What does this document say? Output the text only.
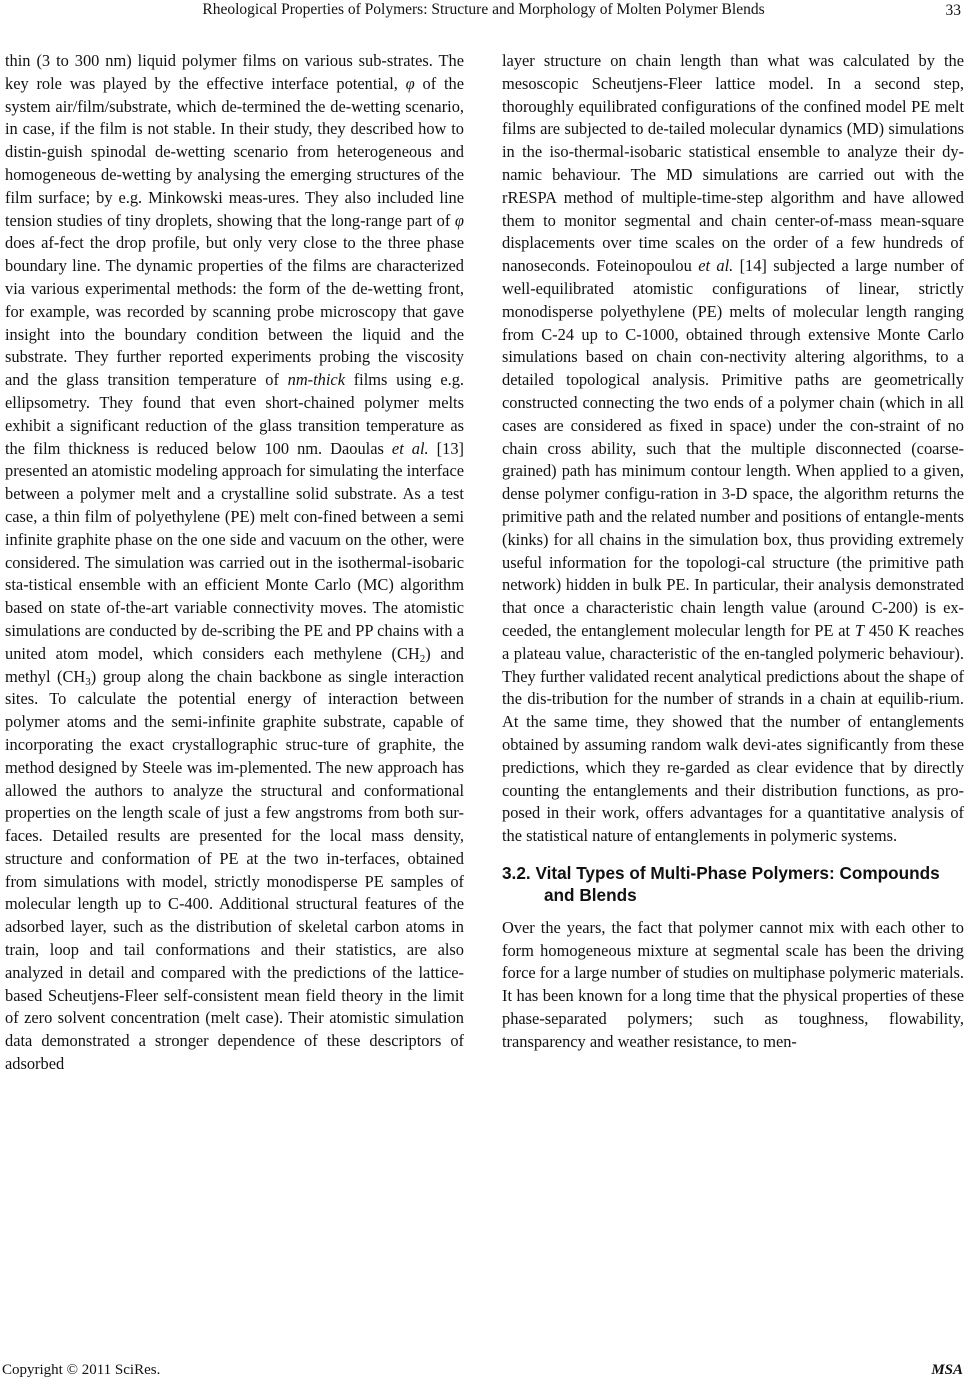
Rheological Properties of Polymers: Structure and Morphology of Molten Polymer Blends	33

thin (3 to 300 nm) liquid polymer films on various sub-strates. The key role was played by the effective interface potential, φ of the system air/film/substrate, which de-termined the de-wetting scenario, in case, if the film is not stable. In their study, they described how to distin-guish spinodal de-wetting scenario from heterogeneous and homogeneous de-wetting by analysing the emerging structures of the film surface; by e.g. Minkowski meas-ures. They also included line tension studies of tiny droplets, showing that the long-range part of φ does af-fect the drop profile, but only very close to the three phase boundary line. The dynamic properties of the films are characterized via various experimental methods: the form of the de-wetting front, for example, was recorded by scanning probe microscopy that gave insight into the boundary condition between the liquid and the substrate. They further reported experiments probing the viscosity and the glass transition temperature of nm-thick films using e.g. ellipsometry. They found that even short-chained polymer melts exhibit a significant reduction of the glass transition temperature as the film thickness is reduced below 100 nm. Daoulas et al. [13] presented an atomistic modeling approach for simulating the interface between a polymer melt and a crystalline solid substrate. As a test case, a thin film of polyethylene (PE) melt con-fined between a semi infinite graphite phase on the one side and vacuum on the other, were considered. The simulation was carried out in the isothermal-isobaric sta-tistical ensemble with an efficient Monte Carlo (MC) algorithm based on state of-the-art variable connectivity moves. The atomistic simulations are conducted by de-scribing the PE and PP chains with a united atom model, which considers each methylene $(CH_2)$ and methyl $(CH_3)$ group along the chain backbone as single interaction sites. To calculate the potential energy of interaction between polymer atoms and the semi-infinite graphite substrate, capable of incorporating the exact crystallographic struc-ture of graphite, the method designed by Steele was im-plemented. The new approach has allowed the authors to analyze the structural and conformational properties on the length scale of just a few angstroms from both sur-faces. Detailed results are presented for the local mass density, structure and conformation of PE at the two in-terfaces, obtained from simulations with model, strictly monodisperse PE samples of molecular length up to C-400. Additional structural features of the adsorbed layer, such as the distribution of skeletal carbon atoms in train, loop and tail conformations and their statistics, are also analyzed in detail and compared with the predictions of the lattice-based Scheutjens-Fleer self-consistent mean field theory in the limit of zero solvent concentration (melt case). Their atomistic simulation data demonstrated a stronger dependence of these descriptors of adsorbed

layer structure on chain length than what was calculated by the mesoscopic Scheutjens-Fleer lattice model. In a second step, thoroughly equilibrated configurations of the confined model PE melt films are subjected to de-tailed molecular dynamics (MD) simulations in the iso-thermal-isobaric statistical ensemble to analyze their dy-namic behaviour. The MD simulations are carried out with the rRESPA method of multiple-time-step algorithm and have allowed them to monitor segmental and chain center-of-mass mean-square displacements over time scales on the order of a few hundreds of nanoseconds. Foteinopoulou et al. [14] subjected a large number of well-equilibrated atomistic configurations of linear, strictly monodisperse polyethylene (PE) melts of molecular length ranging from C-24 up to C-1000, obtained through extensive Monte Carlo simulations based on chain con-nectivity altering algorithms, to a detailed topological analysis. Primitive paths are geometrically constructed connecting the two ends of a polymer chain (which in all cases are considered as fixed in space) under the con-straint of no chain cross ability, such that the multiple disconnected (coarse-grained) path has minimum contour length. When applied to a given, dense polymer configu-ration in 3-D space, the algorithm returns the primitive path and the related number and positions of entangle-ments (kinks) for all chains in the simulation box, thus providing extremely useful information for the topologi-cal structure (the primitive path network) hidden in bulk PE. In particular, their analysis demonstrated that once a characteristic chain length value (around C-200) is ex-ceeded, the entanglement molecular length for PE at T 450 K reaches a plateau value, characteristic of the en-tangled polymeric behaviour). They further validated recent analytical predictions about the shape of the dis-tribution for the number of strands in a chain at equilib-rium. At the same time, they showed that the number of entanglements obtained by assuming random walk devi-ates significantly from these predictions, which they re-garded as clear evidence that by directly counting the entanglements and their distribution functions, as pro-posed in their work, offers advantages for a quantitative analysis of the statistical nature of entanglements in polymeric systems.

3.2. Vital Types of Multi-Phase Polymers: Compounds and Blends

Over the years, the fact that polymer cannot mix with each other to form homogeneous mixture at segmental scale has been the driving force for a large number of studies on multiphase polymeric materials. It has been known for a long time that the physical properties of these phase-separated polymers; such as toughness, flowability, transparency and weather resistance, to men-

Copyright © 2011 SciRes.	MSA
